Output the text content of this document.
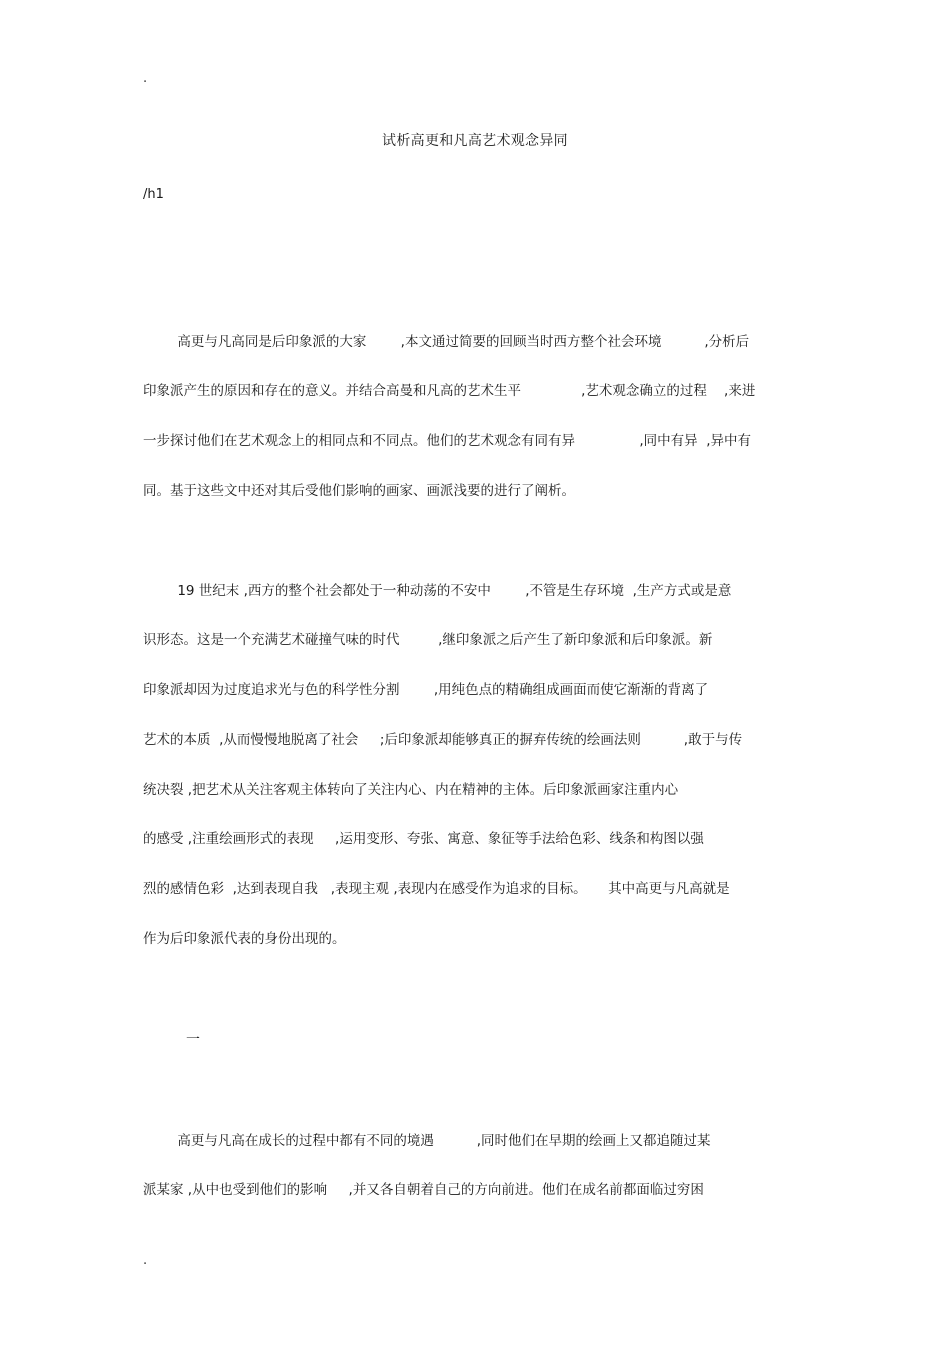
.
试析高更和凡高艺术观念异同
/h1
高更与凡高同是后印象派的大家        ,本文通过简要的回顾当时西方整个社会环境          ,分析后
印象派产生的原因和存在的意义。并结合高曼和凡高的艺术生平              ,艺术观念确立的过程    ,来进
一步探讨他们在艺术观念上的相同点和不同点。他们的艺术观念有同有异               ,同中有异  ,异中有
同。基于这些文中还对其后受他们影响的画家、画派浅要的进行了阐析。
19 世纪末 ,西方的整个社会都处于一种动荡的不安中        ,不管是生存环境  ,生产方式或是意
识形态。这是一个充满艺术碰撞气味的时代         ,继印象派之后产生了新印象派和后印象派。新
印象派却因为过度追求光与色的科学性分割        ,用纯色点的精确组成画面而使它渐渐的背离了
艺术的本质  ,从而慢慢地脱离了社会     ;后印象派却能够真正的摒弃传统的绘画法则          ,敢于与传
统决裂 ,把艺术从关注客观主体转向了关注内心、内在精神的主体。后印象派画家注重内心
的感受 ,注重绘画形式的表现     ,运用变形、夸张、寓意、象征等手法给色彩、线条和构图以强
烈的感情色彩  ,达到表现自我   ,表现主观 ,表现内在感受作为追求的目标。     其中高更与凡高就是
作为后印象派代表的身份出现的。
一
高更与凡高在成长的过程中都有不同的境遇          ,同时他们在早期的绘画上又都追随过某
派某家 ,从中也受到他们的影响     ,并又各自朝着自己的方向前进。他们在成名前都面临过穷困
.
